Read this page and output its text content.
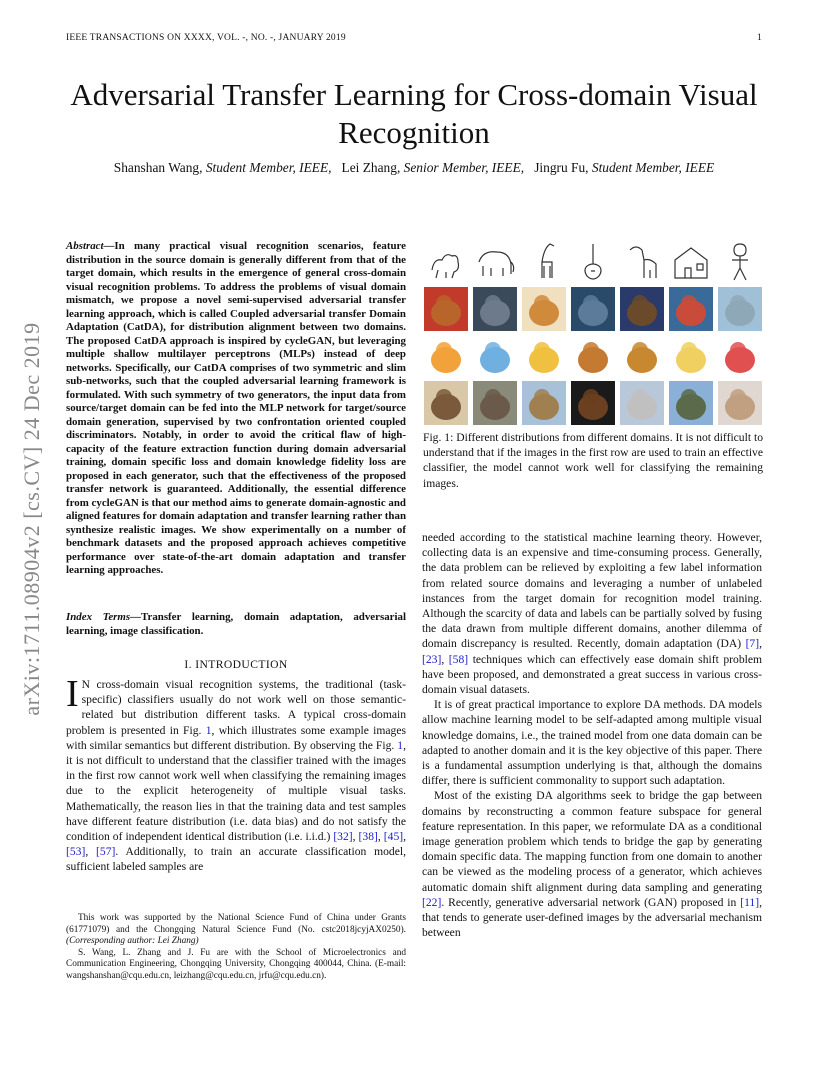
IEEE TRANSACTIONS ON XXXX, VOL. -, NO. -, JANUARY 2019	1
Adversarial Transfer Learning for Cross-domain Visual Recognition
Shanshan Wang, Student Member, IEEE, Lei Zhang, Senior Member, IEEE, Jingru Fu, Student Member, IEEE
arXiv:1711.08904v2 [cs.CV] 24 Dec 2019
Abstract—In many practical visual recognition scenarios, feature distribution in the source domain is generally different from that of the target domain, which results in the emergence of general cross-domain visual recognition problems. To address the problems of visual domain mismatch, we propose a novel semi-supervised adversarial transfer learning approach, which is called Coupled adversarial transfer Domain Adaptation (CatDA), for distribution alignment between two domains. The proposed CatDA approach is inspired by cycleGAN, but leveraging multiple shallow multilayer perceptrons (MLPs) instead of deep networks. Specifically, our CatDA comprises of two symmetric and slim sub-networks, such that the coupled adversarial learning framework is formulated. With such symmetry of two generators, the input data from source/target domain can be fed into the MLP network for target/source domain generation, supervised by two confrontation oriented coupled discriminators. Notably, in order to avoid the critical flaw of high-capacity of the feature extraction function during domain adversarial training, domain specific loss and domain knowledge fidelity loss are proposed in each generator, such that the effectiveness of the proposed transfer network is guaranteed. Additionally, the essential difference from cycleGAN is that our method aims to generate domain-agnostic and aligned features for domain adaptation and transfer learning rather than synthesize realistic images. We show experimentally on a number of benchmark datasets and the proposed approach achieves competitive performance over state-of-the-art domain adaptation and transfer learning approaches.
Index Terms—Transfer learning, domain adaptation, adversarial learning, image classification.
I. INTRODUCTION
I N cross-domain visual recognition systems, the traditional (task-specific) classifiers usually do not work well on those semantic-related but distribution different tasks. A typical cross-domain problem is presented in Fig. 1, which illustrates some example images with similar semantics but different distribution. By observing the Fig. 1, it is not difficult to understand that the classifier trained with the images in the first row cannot work well when classifying the remaining images due to the explicit heterogeneity of multiple visual tasks. Mathematically, the reason lies in that the training data and test samples have different feature distribution (i.e. data bias) and do not satisfy the condition of independent identical distribution (i.e. i.i.d.) [32], [38], [45], [53], [57]. Additionally, to train an accurate classification model, sufficient labeled samples are

This work was supported by the National Science Fund of China under Grants (61771079) and the Chongqing Natural Science Fund (No. cstc2018jcyjAX0250). (Corresponding author: Lei Zhang)

S. Wang, L. Zhang and J. Fu are with the School of Microelectronics and Communication Engineering, Chongqing University, Chongqing 400044, China. (E-mail: wangshanshan@cqu.edu.cn, leizhang@cqu.edu.cn, jrfu@cqu.edu.cn).

Fig. 1: Different distributions from different domains. It is not difficult to understand that if the images in the first row are used to train an effective classifier, the model cannot work well for classifying the remaining images.

needed according to the statistical machine learning theory. However, collecting data is an expensive and time-consuming process. Generally, the data problem can be relieved by exploiting a few label information from related source domains and leveraging a number of unlabeled instances from the target domain for recognition model training. Although the scarcity of data and labels can be partially solved by fusing the data drawn from multiple different domains, another dilemma of domain discrepancy is resulted. Recently, domain adaptation (DA) [7], [23], [58] techniques which can effectively ease domain shift problem have been proposed, and demonstrated a great success in various cross-domain visual datasets.

It is of great practical importance to explore DA methods. DA models allow machine learning model to be self-adapted among multiple visual knowledge domains, i.e., the trained model from one data domain can be adapted to another domain and it is the key objective of this paper. There is a fundamental assumption underlying is that, although the domains differ, there is sufficient commonality to support such adaptation.

Most of the existing DA algorithms seek to bridge the gap between domains by reconstructing a common feature subspace for general feature representation. In this paper, we reformulate DA as a conditional image generation problem which tends to bridge the gap by generating domain specific data. The mapping function from one domain to another can be viewed as the modeling process of a generator, which achieves automatic domain shift alignment during data sampling and generating [22]. Recently, generative adversarial network (GAN) proposed in [11], that tends to generate user-defined images by the adversarial mechanism between
